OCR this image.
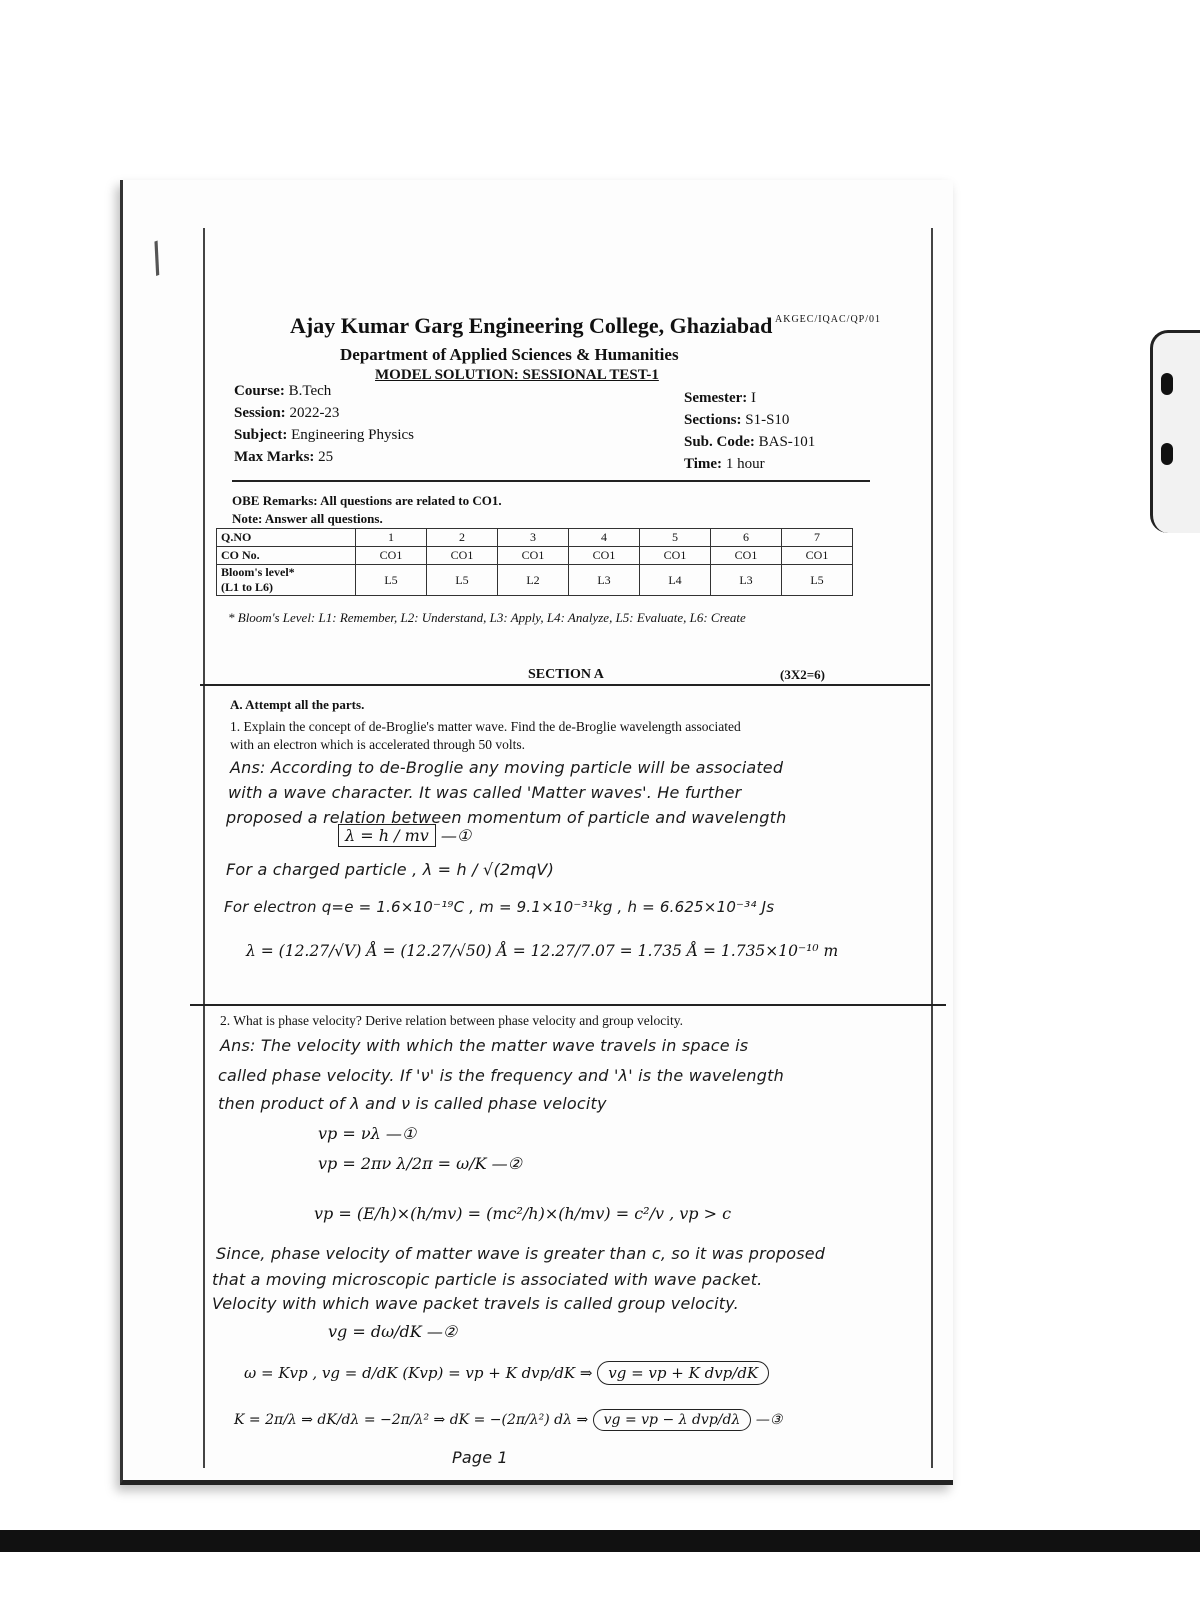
∕
AKGEC/IQAC/QP/01
Ajay Kumar Garg Engineering College, Ghaziabad
Department of Applied Sciences & Humanities
MODEL SOLUTION: SESSIONAL TEST-1
Course: B.Tech
Session: 2022-23
Subject: Engineering Physics
Max Marks: 25
Semester: I
Sections: S1-S10
Sub. Code: BAS-101
Time: 1 hour
OBE Remarks: All questions are related to CO1.
Note: Answer all questions.
Q.NO	1	2	3	4	5	6	7
CO No.	CO1	CO1	CO1	CO1	CO1	CO1	CO1
Bloom's level*
(L1 to L6)	L5	L5	L2	L3	L4	L3	L5
* Bloom's Level: L1: Remember, L2: Understand, L3: Apply, L4: Analyze, L5: Evaluate, L6: Create
SECTION A	(3X2=6)
A. Attempt all the parts.
1. Explain the concept of de-Broglie's matter wave. Find the de-Broglie wavelength associated
with an electron which is accelerated through 50 volts.
Ans: According to de-Broglie any moving particle will be associated
with a wave character. It was called 'Matter waves'. He further
proposed a relation between momentum of particle and wavelength
λ = h / mv —①
For a charged particle , λ = h / √(2mqV)
For electron q=e = 1.6×10⁻¹⁹C , m = 9.1×10⁻³¹kg , h = 6.625×10⁻³⁴ Js
λ = (12.27/√V) Å = (12.27/√50) Å = 12.27/7.07 = 1.735 Å = 1.735×10⁻¹⁰ m
2. What is phase velocity? Derive relation between phase velocity and group velocity.
Ans: The velocity with which the matter wave travels in space is
called phase velocity. If 'ν' is the frequency and 'λ' is the wavelength
then product of λ and ν is called phase velocity
vp = νλ —①
vp = 2πν λ/2π = ω/K —②
vp = (E/h)×(h/mv) = (mc²/h)×(h/mv) = c²/v , vp > c
Since, phase velocity of matter wave is greater than c, so it was proposed
that a moving microscopic particle is associated with wave packet.
Velocity with which wave packet travels is called group velocity.
vg = dω/dK —②
ω = Kvp , vg = d/dK (Kvp) = vp + K dvp/dK ⇒ vg = vp + K dvp/dK
K = 2π/λ ⇒ dK/dλ = −2π/λ² ⇒ dK = −(2π/λ²) dλ ⇒ vg = vp − λ dvp/dλ —③
Page 1
